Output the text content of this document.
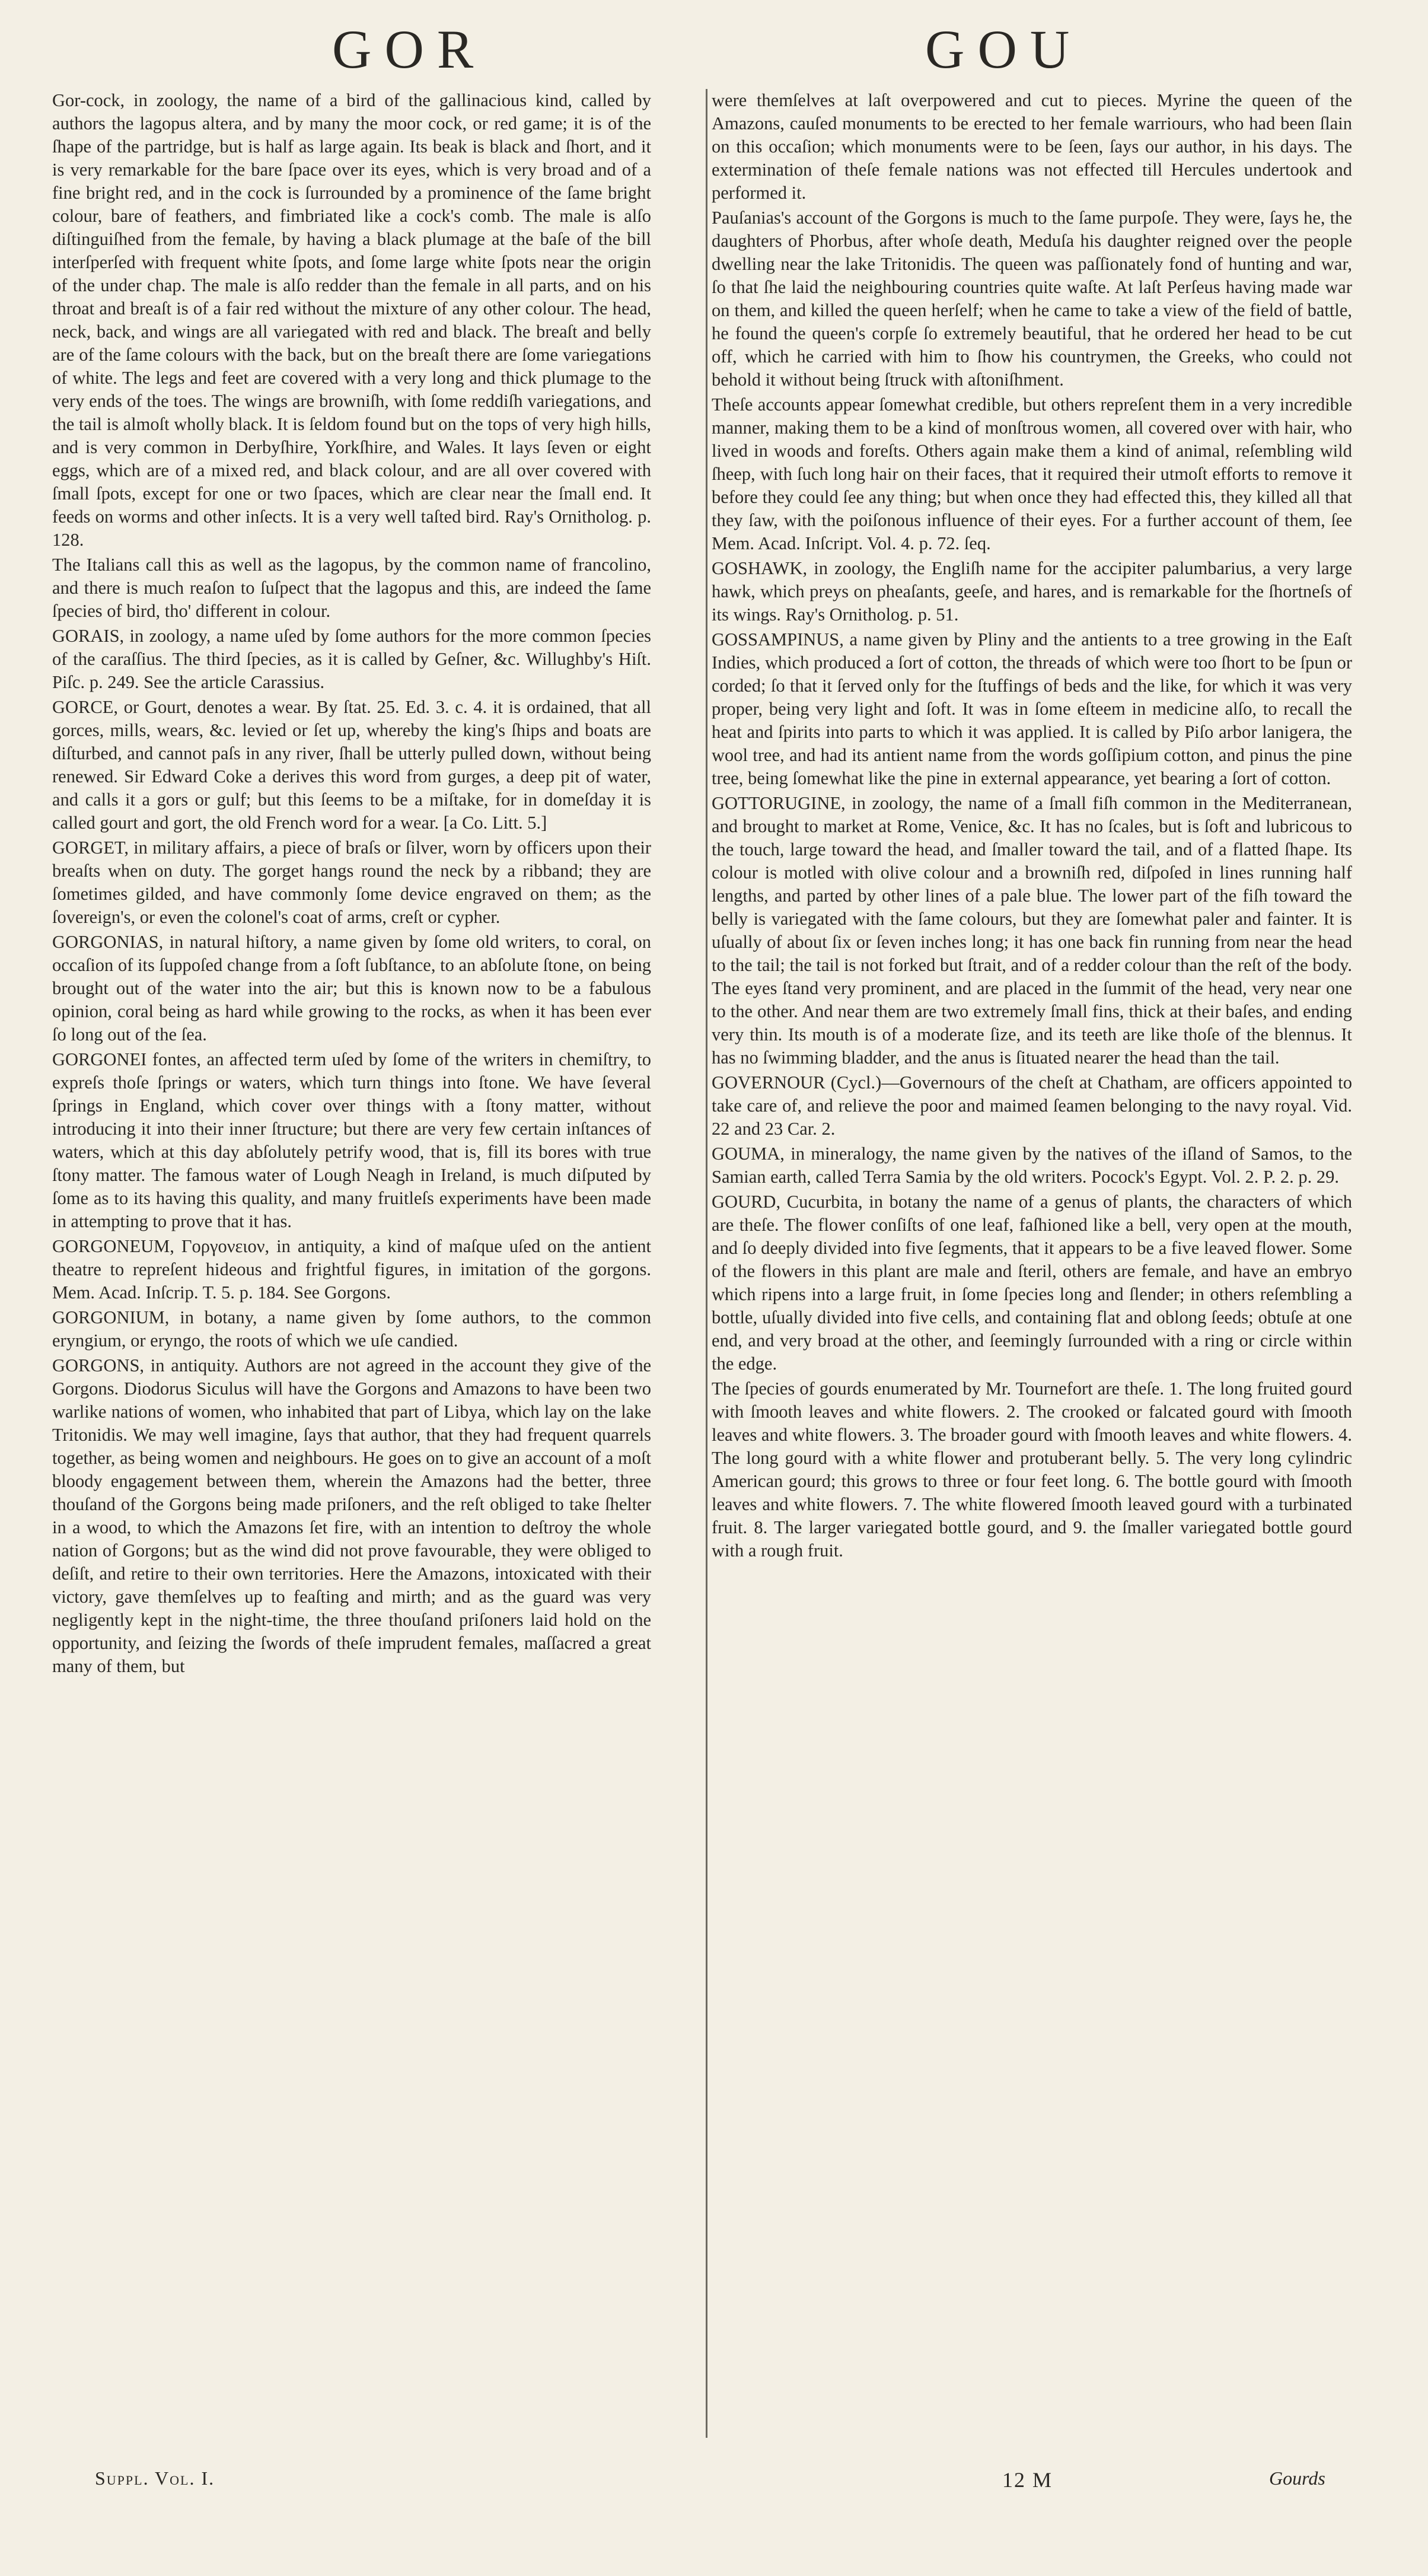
GOR	GOU

Gor-cock, in zoology, the name of a bird of the gallinacious kind, called by authors the lagopus altera, and by many the moor cock, or red game; it is of the ſhape of the partridge, but is half as large again. Its beak is black and ſhort, and it is very remarkable for the bare ſpace over its eyes, which is very broad and of a fine bright red, and in the cock is ſurrounded by a prominence of the ſame bright colour, bare of feathers, and fimbriated like a cock's comb. The male is alſo diſtinguiſhed from the female, by having a black plumage at the baſe of the bill interſperſed with frequent white ſpots, and ſome large white ſpots near the origin of the under chap. The male is alſo redder than the female in all parts, and on his throat and breaſt is of a fair red without the mixture of any other colour. The head, neck, back, and wings are all variegated with red and black. The breaſt and belly are of the ſame colours with the back, but on the breaſt there are ſome variegations of white. The legs and feet are covered with a very long and thick plumage to the very ends of the toes. The wings are browniſh, with ſome reddiſh variegations, and the tail is almoſt wholly black. It is ſeldom found but on the tops of very high hills, and is very common in Derbyſhire, Yorkſhire, and Wales. It lays ſeven or eight eggs, which are of a mixed red, and black colour, and are all over covered with ſmall ſpots, except for one or two ſpaces, which are clear near the ſmall end. It feeds on worms and other inſects. It is a very well taſted bird. Ray's Ornitholog. p. 128.

The Italians call this as well as the lagopus, by the common name of francolino, and there is much reaſon to ſuſpect that the lagopus and this, are indeed the ſame ſpecies of bird, tho' different in colour.

GORAIS, in zoology, a name uſed by ſome authors for the more common ſpecies of the caraſſius. The third ſpecies, as it is called by Geſner, &c. Willughby's Hiſt. Piſc. p. 249. See the article Carassius.

GORCE, or Gourt, denotes a wear. By ſtat. 25. Ed. 3. c. 4. it is ordained, that all gorces, mills, wears, &c. levied or ſet up, whereby the king's ſhips and boats are diſturbed, and cannot paſs in any river, ſhall be utterly pulled down, without being renewed. Sir Edward Coke a derives this word from gurges, a deep pit of water, and calls it a gors or gulf; but this ſeems to be a miſtake, for in domeſday it is called gourt and gort, the old French word for a wear. [a Co. Litt. 5.]

GORGET, in military affairs, a piece of braſs or ſilver, worn by officers upon their breaſts when on duty. The gorget hangs round the neck by a ribband; they are ſometimes gilded, and have commonly ſome device engraved on them; as the ſovereign's, or even the colonel's coat of arms, creſt or cypher.

GORGONIAS, in natural hiſtory, a name given by ſome old writers, to coral, on occaſion of its ſuppoſed change from a ſoft ſubſtance, to an abſolute ſtone, on being brought out of the water into the air; but this is known now to be a fabulous opinion, coral being as hard while growing to the rocks, as when it has been ever ſo long out of the ſea.

GORGONEI fontes, an affected term uſed by ſome of the writers in chemiſtry, to expreſs thoſe ſprings or waters, which turn things into ſtone. We have ſeveral ſprings in England, which cover over things with a ſtony matter, without introducing it into their inner ſtructure; but there are very few certain inſtances of waters, which at this day abſolutely petrify wood, that is, fill its bores with true ſtony matter. The famous water of Lough Neagh in Ireland, is much diſputed by ſome as to its having this quality, and many fruitleſs experiments have been made in attempting to prove that it has.

GORGONEUM, Γοργονειον, in antiquity, a kind of maſque uſed on the antient theatre to repreſent hideous and frightful figures, in imitation of the gorgons. Mem. Acad. Inſcrip. T. 5. p. 184. See Gorgons.

GORGONIUM, in botany, a name given by ſome authors, to the common eryngium, or eryngo, the roots of which we uſe candied.

GORGONS, in antiquity. Authors are not agreed in the account they give of the Gorgons. Diodorus Siculus will have the Gorgons and Amazons to have been two warlike nations of women, who inhabited that part of Libya, which lay on the lake Tritonidis. We may well imagine, ſays that author, that they had frequent quarrels together, as being women and neighbours. He goes on to give an account of a moſt bloody engagement between them, wherein the Amazons had the better, three thouſand of the Gorgons being made priſoners, and the reſt obliged to take ſhelter in a wood, to which the Amazons ſet fire, with an intention to deſtroy the whole nation of Gorgons; but as the wind did not prove favourable, they were obliged to deſiſt, and retire to their own territories. Here the Amazons, intoxicated with their victory, gave themſelves up to feaſting and mirth; and as the guard was very negligently kept in the night-time, the three thouſand priſoners laid hold on the opportunity, and ſeizing the ſwords of theſe imprudent females, maſſacred a great many of them, but

were themſelves at laſt overpowered and cut to pieces. Myrine the queen of the Amazons, cauſed monuments to be erected to her female warriours, who had been ſlain on this occaſion; which monuments were to be ſeen, ſays our author, in his days. The extermination of theſe female nations was not effected till Hercules undertook and performed it.

Pauſanias's account of the Gorgons is much to the ſame purpoſe. They were, ſays he, the daughters of Phorbus, after whoſe death, Meduſa his daughter reigned over the people dwelling near the lake Tritonidis. The queen was paſſionately fond of hunting and war, ſo that ſhe laid the neighbouring countries quite waſte. At laſt Perſeus having made war on them, and killed the queen herſelf; when he came to take a view of the field of battle, he found the queen's corpſe ſo extremely beautiful, that he ordered her head to be cut off, which he carried with him to ſhow his countrymen, the Greeks, who could not behold it without being ſtruck with aſtoniſhment.

Theſe accounts appear ſomewhat credible, but others repreſent them in a very incredible manner, making them to be a kind of monſtrous women, all covered over with hair, who lived in woods and foreſts. Others again make them a kind of animal, reſembling wild ſheep, with ſuch long hair on their faces, that it required their utmoſt efforts to remove it before they could ſee any thing; but when once they had effected this, they killed all that they ſaw, with the poiſonous influence of their eyes. For a further account of them, ſee Mem. Acad. Inſcript. Vol. 4. p. 72. ſeq.

GOSHAWK, in zoology, the Engliſh name for the accipiter palumbarius, a very large hawk, which preys on pheaſants, geeſe, and hares, and is remarkable for the ſhortneſs of its wings. Ray's Ornitholog. p. 51.

GOSSAMPINUS, a name given by Pliny and the antients to a tree growing in the Eaſt Indies, which produced a ſort of cotton, the threads of which were too ſhort to be ſpun or corded; ſo that it ſerved only for the ſtuffings of beds and the like, for which it was very proper, being very light and ſoft. It was in ſome eſteem in medicine alſo, to recall the heat and ſpirits into parts to which it was applied. It is called by Piſo arbor lanigera, the wool tree, and had its antient name from the words goſſipium cotton, and pinus the pine tree, being ſomewhat like the pine in external appearance, yet bearing a ſort of cotton.

GOTTORUGINE, in zoology, the name of a ſmall fiſh common in the Mediterranean, and brought to market at Rome, Venice, &c. It has no ſcales, but is ſoft and lubricous to the touch, large toward the head, and ſmaller toward the tail, and of a flatted ſhape. Its colour is motled with olive colour and a browniſh red, diſpoſed in lines running half lengths, and parted by other lines of a pale blue. The lower part of the fiſh toward the belly is variegated with the ſame colours, but they are ſomewhat paler and fainter. It is uſually of about ſix or ſeven inches long; it has one back fin running from near the head to the tail; the tail is not forked but ſtrait, and of a redder colour than the reſt of the body. The eyes ſtand very prominent, and are placed in the ſummit of the head, very near one to the other. And near them are two extremely ſmall fins, thick at their baſes, and ending very thin. Its mouth is of a moderate ſize, and its teeth are like thoſe of the blennus. It has no ſwimming bladder, and the anus is ſituated nearer the head than the tail.

GOVERNOUR (Cycl.)—Governours of the cheſt at Chatham, are officers appointed to take care of, and relieve the poor and maimed ſeamen belonging to the navy royal. Vid. 22 and 23 Car. 2.

GOUMA, in mineralogy, the name given by the natives of the iſland of Samos, to the Samian earth, called Terra Samia by the old writers. Pocock's Egypt. Vol. 2. P. 2. p. 29.

GOURD, Cucurbita, in botany the name of a genus of plants, the characters of which are theſe. The flower conſiſts of one leaf, faſhioned like a bell, very open at the mouth, and ſo deeply divided into five ſegments, that it appears to be a five leaved flower. Some of the flowers in this plant are male and ſteril, others are female, and have an embryo which ripens into a large fruit, in ſome ſpecies long and ſlender; in others reſembling a bottle, uſually divided into five cells, and containing flat and oblong ſeeds; obtuſe at one end, and very broad at the other, and ſeemingly ſurrounded with a ring or circle within the edge.

The ſpecies of gourds enumerated by Mr. Tournefort are theſe. 1. The long fruited gourd with ſmooth leaves and white flowers. 2. The crooked or falcated gourd with ſmooth leaves and white flowers. 3. The broader gourd with ſmooth leaves and white flowers. 4. The long gourd with a white flower and protuberant belly. 5. The very long cylindric American gourd; this grows to three or four feet long. 6. The bottle gourd with ſmooth leaves and white flowers. 7. The white flowered ſmooth leaved gourd with a turbinated fruit. 8. The larger variegated bottle gourd, and 9. the ſmaller variegated bottle gourd with a rough fruit.

Suppl. Vol. I.	12 M	Gourds
